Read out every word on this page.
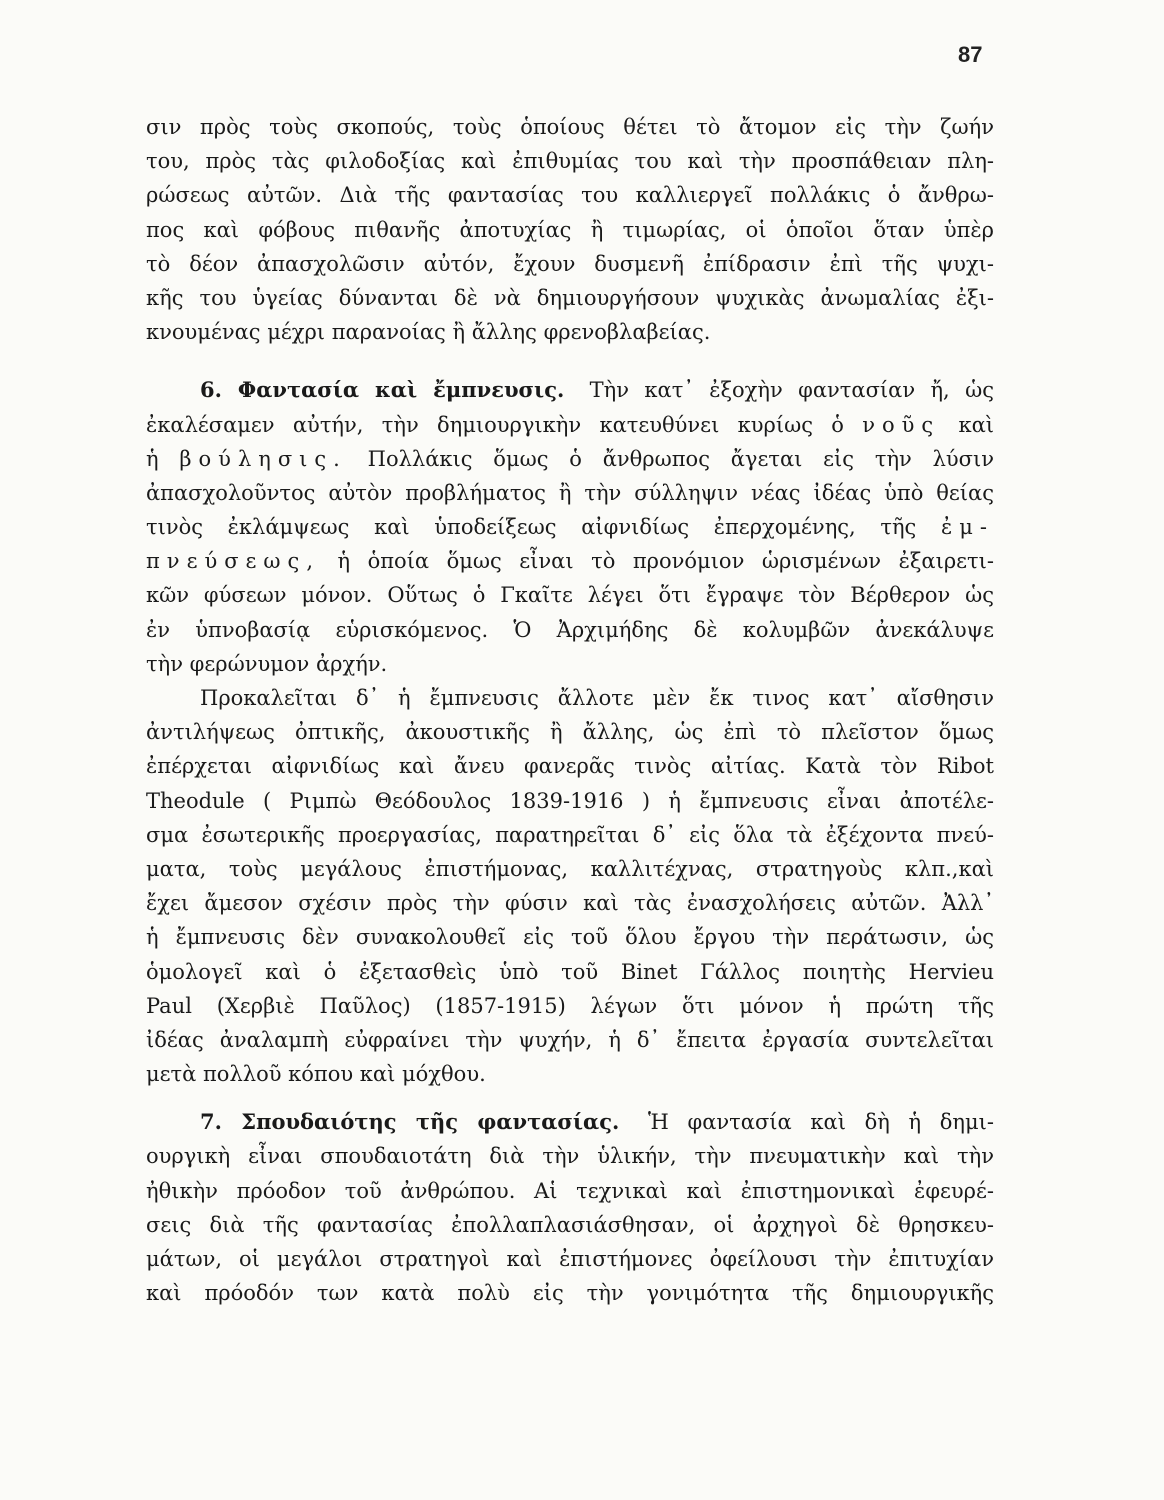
87
σιν πρὸς τοὺς σκοπούς, τοὺς ὁποίους θέτει τὸ ἄτομον εἰς τὴν ζωήν
του, πρὸς τὰς φιλοδοξίας καὶ ἐπιθυμίας του καὶ τὴν προσπάθειαν πλη-
ρώσεως αὐτῶν. Διὰ τῆς φαντασίας του καλλιεργεῖ πολλάκις ὁ ἄνθρω-
πος καὶ φόβους πιθανῆς ἀποτυχίας ἢ τιμωρίας, οἱ ὁποῖοι ὅταν ὑπὲρ
τὸ δέον ἀπασχολῶσιν αὐτόν, ἔχουν δυσμενῆ ἐπίδρασιν ἐπὶ τῆς ψυχι-
κῆς του ὑγείας δύνανται δὲ νὰ δημιουργήσουν ψυχικὰς ἀνωμαλίας ἐξι-
κνουμένας μέχρι παρανοίας ἢ ἄλλης φρενοβλαβείας.
6. Φαντασία καὶ ἔμπνευσις. Τὴν κατ᾽ ἐξοχὴν φαντασίαν ἤ, ὡς
ἐκαλέσαμεν αὐτήν, τὴν δημιουργικὴν κατευθύνει κυρίως ὁ νοῦς καὶ
ἡ βούλησις. Πολλάκις ὅμως ὁ ἄνθρωπος ἄγεται εἰς τὴν λύσιν
ἀπασχολοῦντος αὐτὸν προβλήματος ἢ τὴν σύλληψιν νέας ἰδέας ὑπὸ θείας
τινὸς ἐκλάμψεως καὶ ὑποδείξεως αἰφνιδίως ἐπερχομένης, τῆς ἐμ-
πνεύσεως, ἡ ὁποία ὅμως εἶναι τὸ προνόμιον ὡρισμένων ἐξαιρετι-
κῶν φύσεων μόνον. Οὕτως ὁ Γκαῖτε λέγει ὅτι ἔγραψε τὸν Βέρθερον ὡς
ἐν ὑπνοβασίᾳ εὑρισκόμενος. Ὁ Ἀρχιμήδης δὲ κολυμβῶν ἀνεκάλυψε
τὴν φερώνυμον ἀρχήν.
Προκαλεῖται δ᾽ ἡ ἔμπνευσις ἄλλοτε μὲν ἔκ τινος κατ᾽ αἴσθησιν
ἀντιλήψεως ὀπτικῆς, ἀκουστικῆς ἢ ἄλλης, ὡς ἐπὶ τὸ πλεῖστον ὅμως
ἐπέρχεται αἰφνιδίως καὶ ἄνευ φανερᾶς τινὸς αἰτίας. Κατὰ τὸν Ribot
Theodule ( Ριμπὼ Θεόδουλος 1839-1916 ) ἡ ἔμπνευσις εἶναι ἀποτέλε-
σμα ἐσωτερικῆς προεργασίας, παρατηρεῖται δ᾽ εἰς ὅλα τὰ ἐξέχοντα πνεύ-
ματα, τοὺς μεγάλους ἐπιστήμονας, καλλιτέχνας, στρατηγοὺς κλπ.,καὶ
ἔχει ἄμεσον σχέσιν πρὸς τὴν φύσιν καὶ τὰς ἐνασχολήσεις αὐτῶν. Ἀλλ᾽
ἡ ἔμπνευσις δὲν συνακολουθεῖ εἰς τοῦ ὅλου ἔργου τὴν περάτωσιν, ὡς
ὁμολογεῖ καὶ ὁ ἐξετασθεὶς ὑπὸ τοῦ Binet Γάλλος ποιητὴς Hervieu
Paul (Χερβιὲ Παῦλος) (1857-1915) λέγων ὅτι μόνον ἡ πρώτη τῆς
ἰδέας ἀναλαμπὴ εὐφραίνει τὴν ψυχήν, ἡ δ᾽ ἔπειτα ἐργασία συντελεῖται
μετὰ πολλοῦ κόπου καὶ μόχθου.
7. Σπουδαιότης τῆς φαντασίας. Ἡ φαντασία καὶ δὴ ἡ δημι-
ουργικὴ εἶναι σπουδαιοτάτη διὰ τὴν ὑλικήν, τὴν πνευματικὴν καὶ τὴν
ἠθικὴν πρόοδον τοῦ ἀνθρώπου. Αἱ τεχνικαὶ καὶ ἐπιστημονικαὶ ἐφευρέ-
σεις διὰ τῆς φαντασίας ἐπολλαπλασιάσθησαν, οἱ ἀρχηγοὶ δὲ θρησκευ-
μάτων, οἱ μεγάλοι στρατηγοὶ καὶ ἐπιστήμονες ὀφείλουσι τὴν ἐπιτυχίαν
καὶ πρόοδόν των κατὰ πολὺ εἰς τὴν γονιμότητα τῆς δημιουργικῆς
